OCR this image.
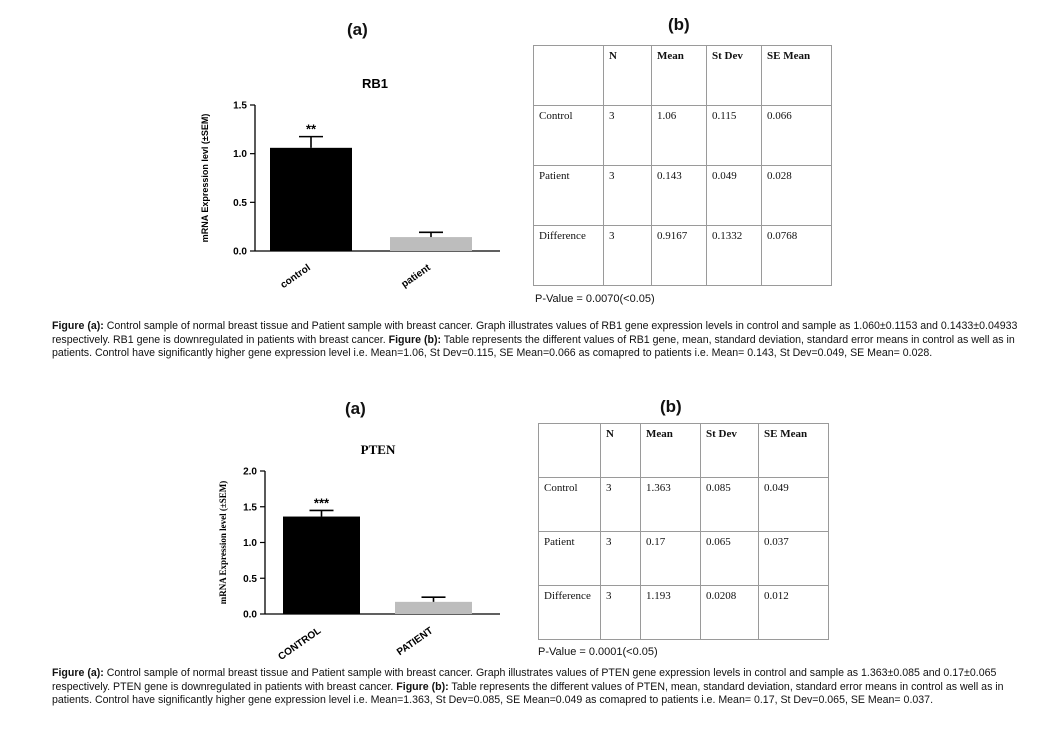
(a)	(b)
RB1
mRNA Expression levl (±SEM)
0.0
0.5
1.0
1.5
**
control	patient
	N	Mean	St Dev	SE Mean
Control	3	1.06	0.115	0.066
Patient	3	0.143	0.049	0.028
Difference	3	0.9167	0.1332	0.0768
P-Value = 0.0070(<0.05)
Figure (a): Control sample of normal breast tissue and Patient sample with breast cancer. Graph illustrates values of RB1 gene expression levels in control and sample as 1.060±0.1153 and 0.1433±0.04933 respectively. RB1 gene is downregulated in patients with breast cancer. Figure (b): Table represents the different values of RB1 gene, mean, standard deviation, standard error means in control as well as in patients. Control have significantly higher gene expression level i.e. Mean=1.06, St Dev=0.115, SE Mean=0.066 as comapred to patients i.e. Mean= 0.143, St Dev=0.049, SE Mean= 0.028.
(a)	(b)
PTEN
mRNA Expression level (±SEM)
0.0
0.5
1.0
1.5
2.0
***
CONTROL	PATIENT
	N	Mean	St Dev	SE Mean
Control	3	1.363	0.085	0.049
Patient	3	0.17	0.065	0.037
Difference	3	1.193	0.0208	0.012
P-Value = 0.0001(<0.05)
Figure (a): Control sample of normal breast tissue and Patient sample with breast cancer. Graph illustrates values of PTEN gene expression levels in control and sample as 1.363±0.085 and 0.17±0.065 respectively. PTEN gene is downregulated in patients with breast cancer. Figure (b): Table represents the different values of PTEN, mean, standard deviation, standard error means in control as well as in patients. Control have significantly higher gene expression level i.e. Mean=1.363, St Dev=0.085, SE Mean=0.049 as comapred to patients i.e. Mean= 0.17, St Dev=0.065, SE Mean= 0.037.
